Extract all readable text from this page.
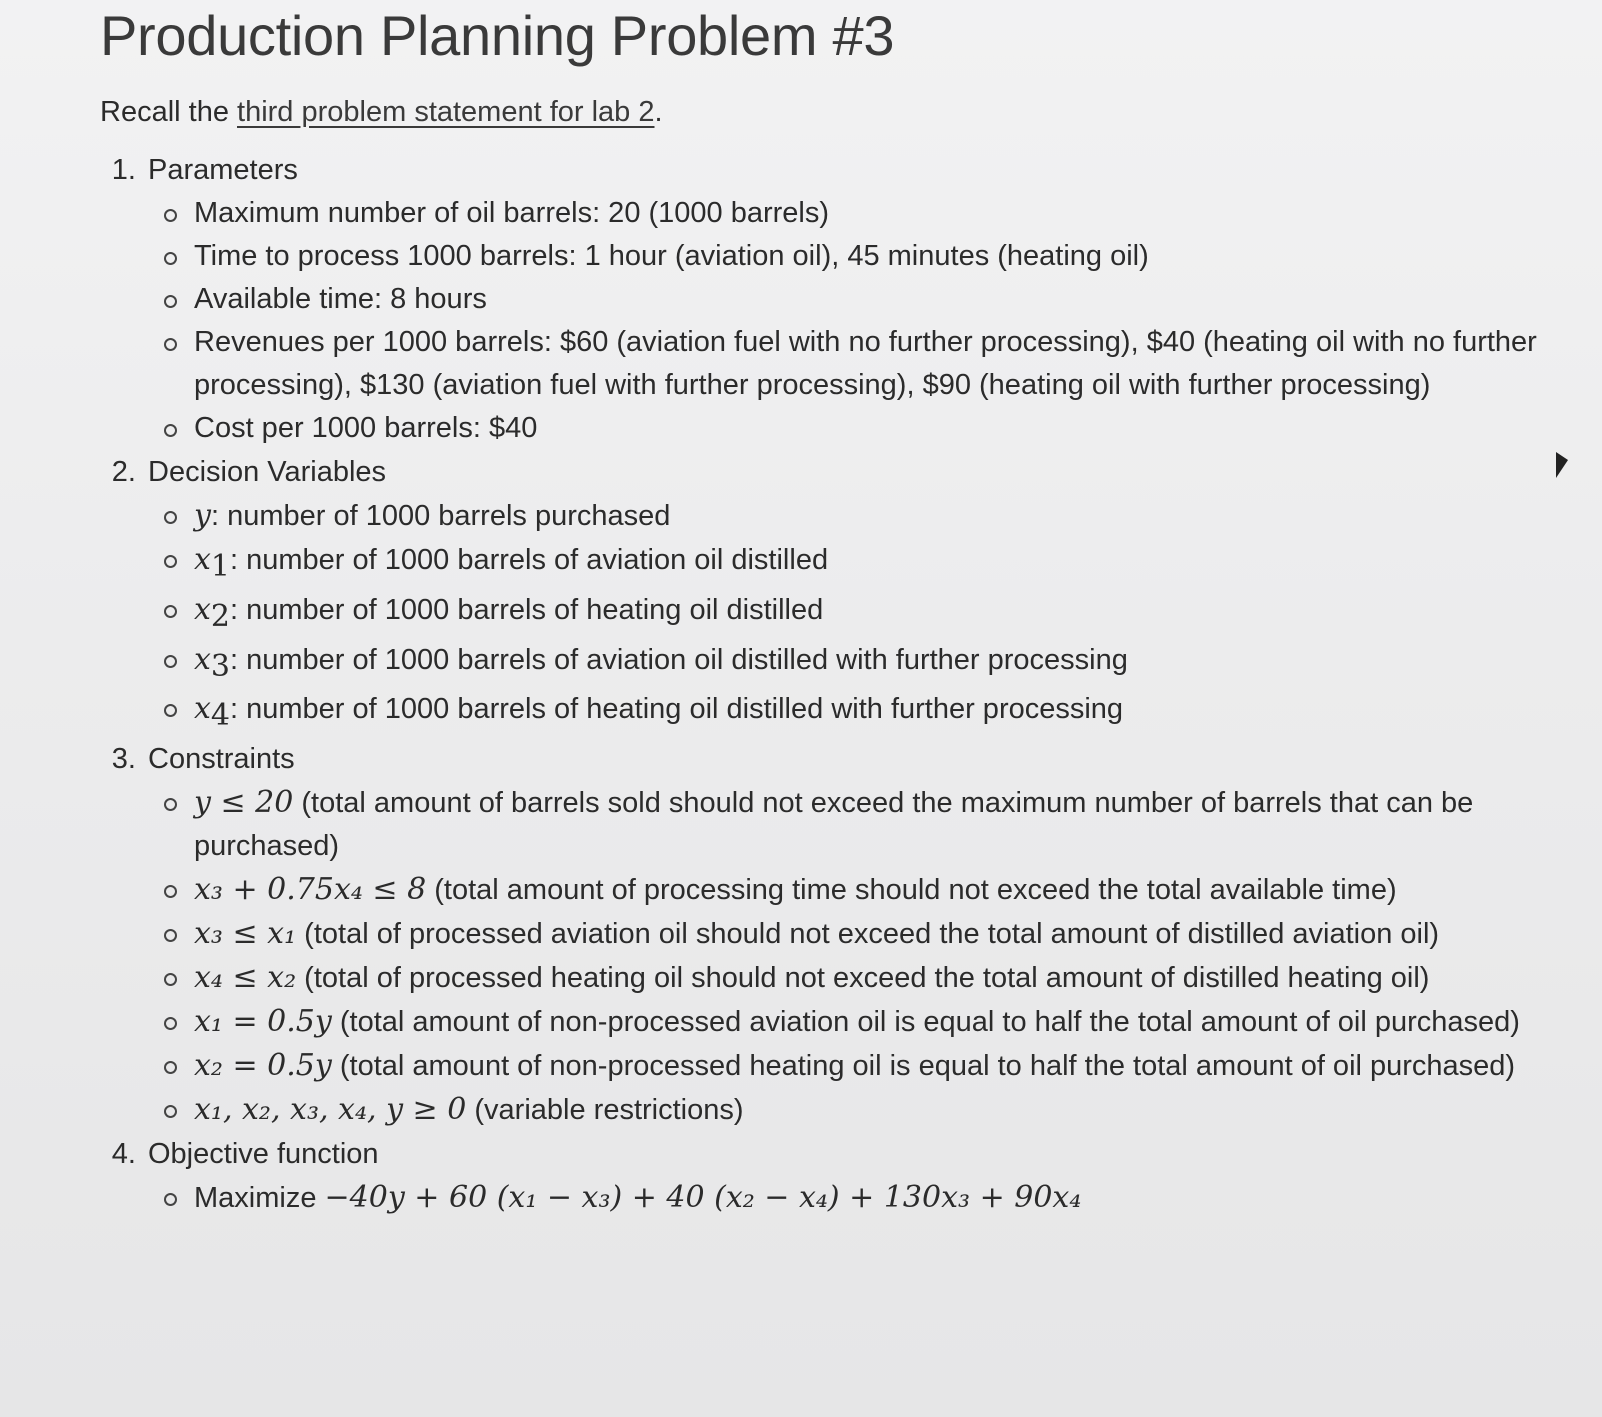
Production Planning Problem #3
Recall the third problem statement for lab 2.
1. Parameters
Maximum number of oil barrels: 20 (1000 barrels)
Time to process 1000 barrels: 1 hour (aviation oil), 45 minutes (heating oil)
Available time: 8 hours
Revenues per 1000 barrels: $60 (aviation fuel with no further processing), $40 (heating oil with no further processing), $130 (aviation fuel with further processing), $90 (heating oil with further processing)
Cost per 1000 barrels: $40
2. Decision Variables
y: number of 1000 barrels purchased
$x_1$: number of 1000 barrels of aviation oil distilled
$x_2$: number of 1000 barrels of heating oil distilled
$x_3$: number of 1000 barrels of aviation oil distilled with further processing
$x_4$: number of 1000 barrels of heating oil distilled with further processing
3. Constraints
y ≤ 20 (total amount of barrels sold should not exceed the maximum number of barrels that can be purchased)
x₃ + 0.75x₄ ≤ 8 (total amount of processing time should not exceed the total available time)
x₃ ≤ x₁ (total of processed aviation oil should not exceed the total amount of distilled aviation oil)
x₄ ≤ x₂ (total of processed heating oil should not exceed the total amount of distilled heating oil)
x₁ = 0.5y (total amount of non-processed aviation oil is equal to half the total amount of oil purchased)
x₂ = 0.5y (total amount of non-processed heating oil is equal to half the total amount of oil purchased)
x₁, x₂, x₃, x₄, y ≥ 0 (variable restrictions)
4. Objective function
Maximize −40y + 60 (x₁ − x₃) + 40 (x₂ − x₄) + 130x₃ + 90x₄
